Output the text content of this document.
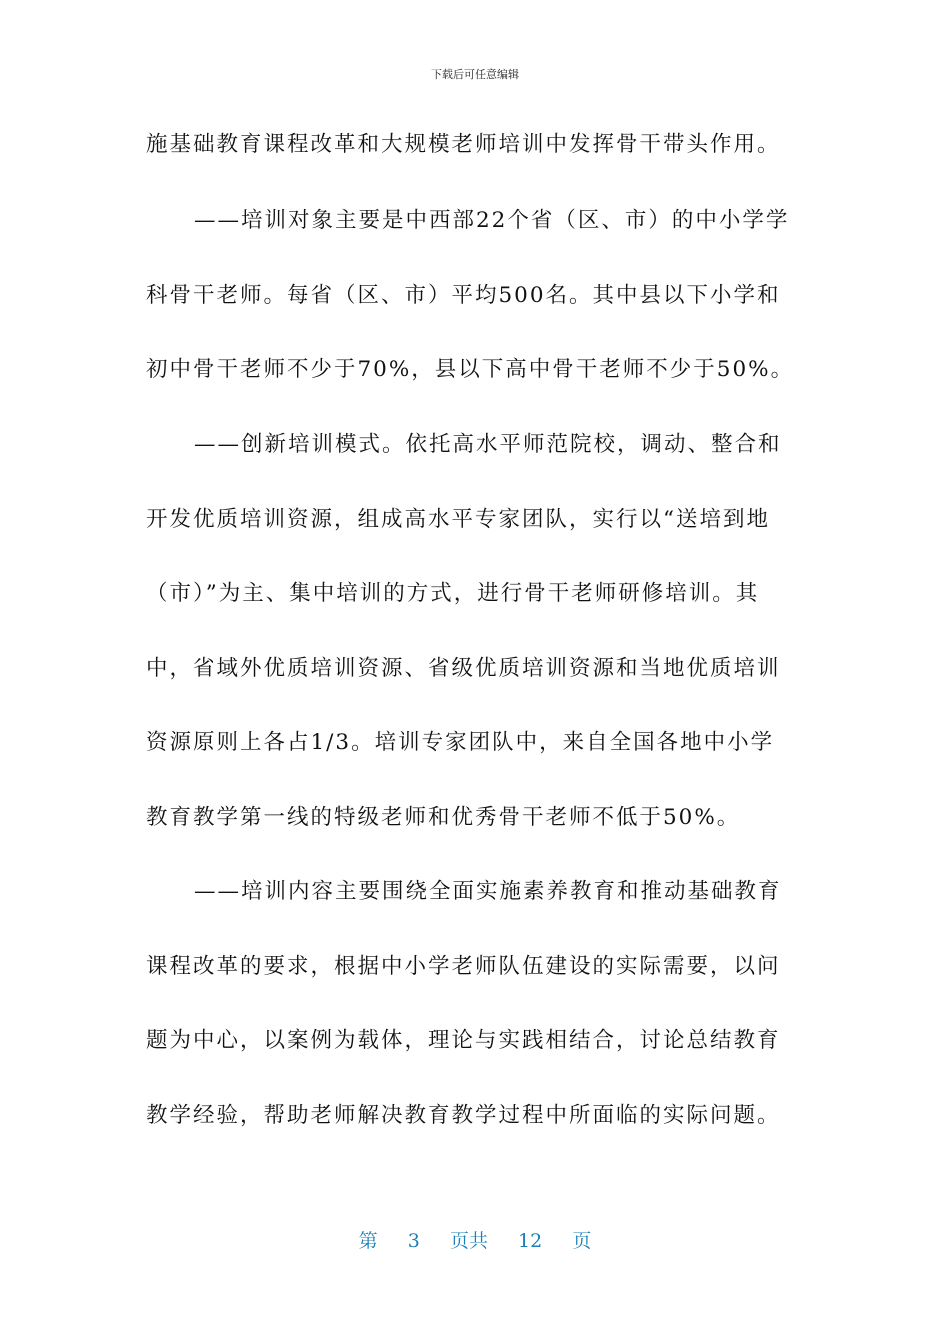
下载后可任意编辑
施基础教育课程改革和大规模老师培训中发挥骨干带头作用。
——培训对象主要是中西部22个省（区、市）的中小学学
科骨干老师。每省（区、市）平均500名。其中县以下小学和
初中骨干老师不少于70%，县以下高中骨干老师不少于50%。
——创新培训模式。依托高水平师范院校，调动、整合和
开发优质培训资源，组成高水平专家团队，实行以“送培到地
（市）”为主、集中培训的方式，进行骨干老师研修培训。其
中，省域外优质培训资源、省级优质培训资源和当地优质培训
资源原则上各占1/3。培训专家团队中，来自全国各地中小学
教育教学第一线的特级老师和优秀骨干老师不低于50%。
——培训内容主要围绕全面实施素养教育和推动基础教育
课程改革的要求，根据中小学老师队伍建设的实际需要，以问
题为中心，以案例为载体，理论与实践相结合，讨论总结教育
教学经验，帮助老师解决教育教学过程中所面临的实际问题。
第 3 页共 12 页
